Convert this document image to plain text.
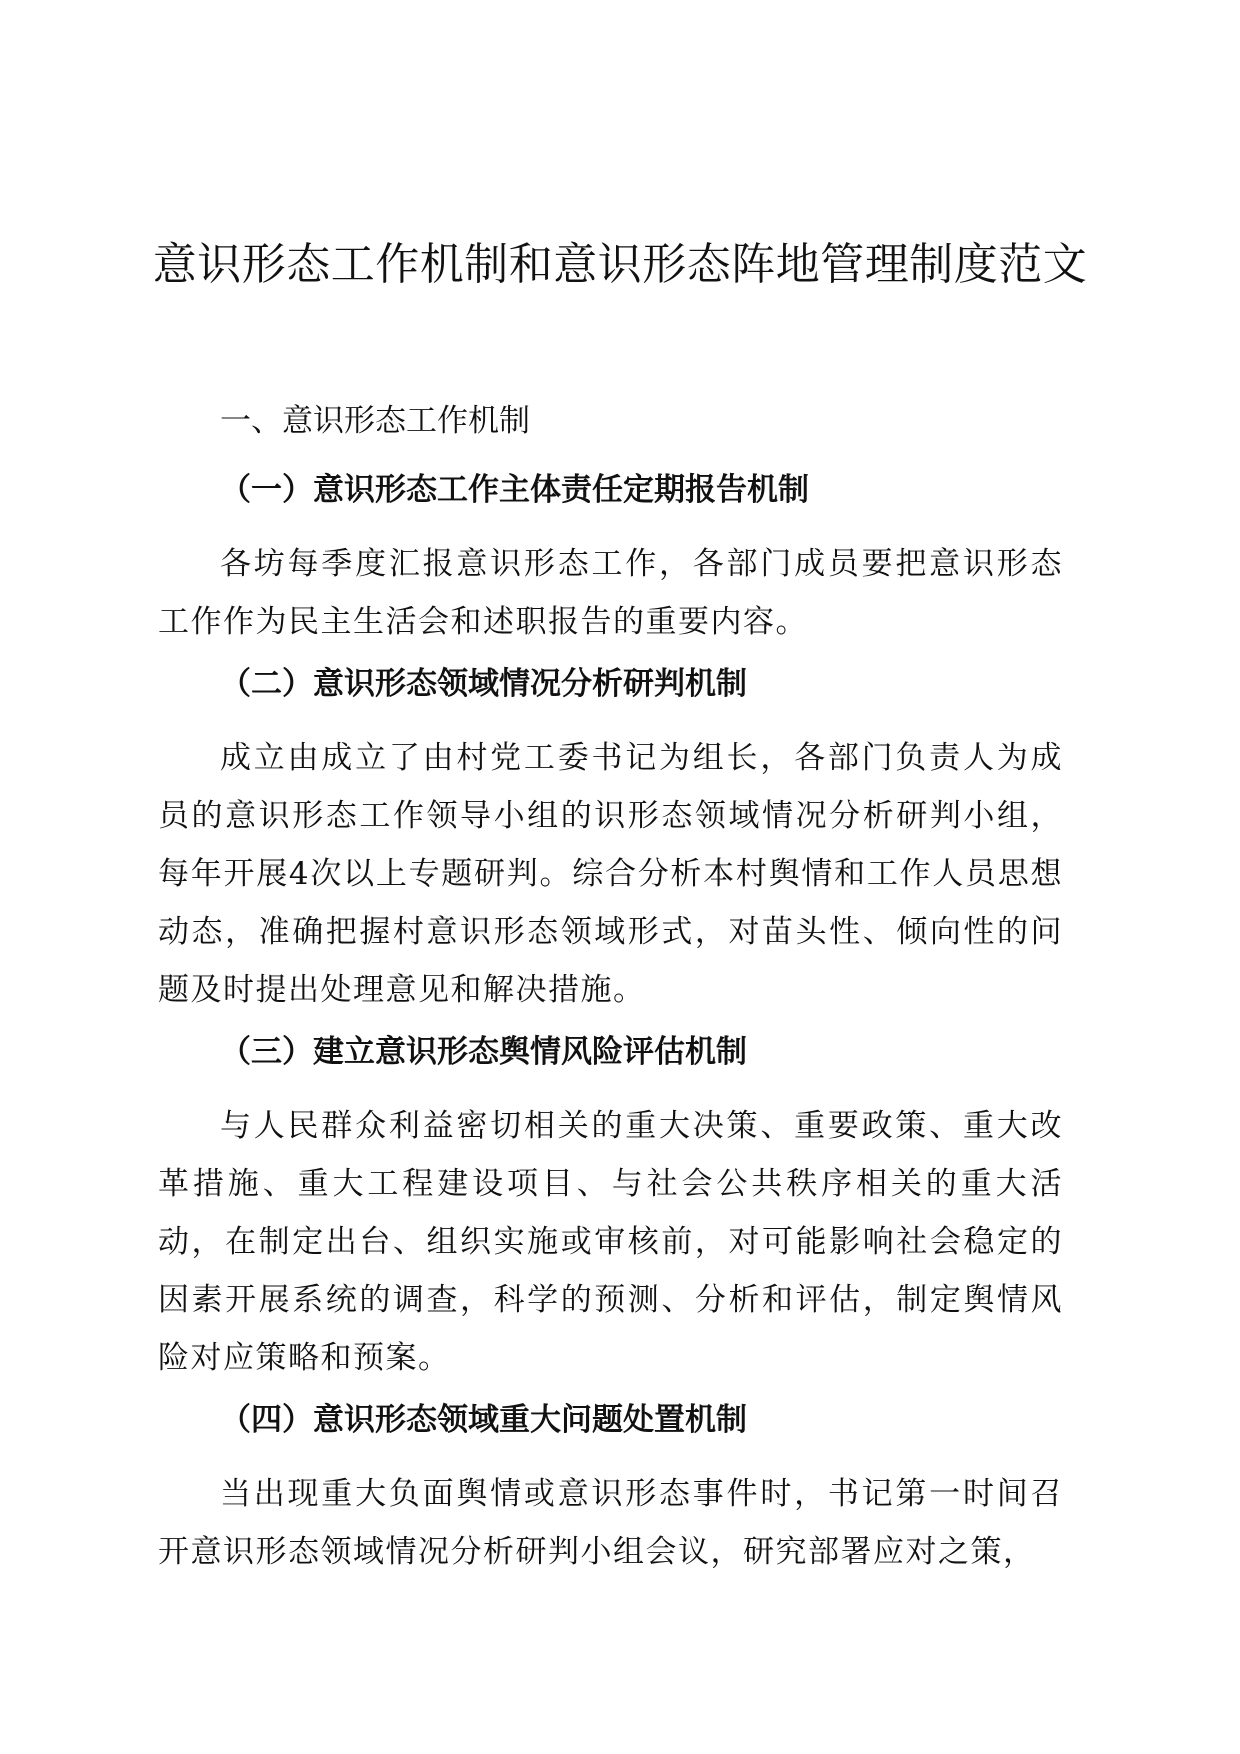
意识形态工作机制和意识形态阵地管理制度范文
一、意识形态工作机制
（一）意识形态工作主体责任定期报告机制

各坊每季度汇报意识形态工作，各部门成员要把意识形态工作作为民主生活会和述职报告的重要内容。

（二）意识形态领域情况分析研判机制

成立由成立了由村党工委书记为组长，各部门负责人为成员的意识形态工作领导小组的识形态领域情况分析研判小组，每年开展4次以上专题研判。综合分析本村舆情和工作人员思想动态，准确把握村意识形态领域形式，对苗头性、倾向性的问题及时提出处理意见和解决措施。

（三）建立意识形态舆情风险评估机制

与人民群众利益密切相关的重大决策、重要政策、重大改革措施、重大工程建设项目、与社会公共秩序相关的重大活动，在制定出台、组织实施或审核前，对可能影响社会稳定的因素开展系统的调查，科学的预测、分析和评估，制定舆情风险对应策略和预案。

（四）意识形态领域重大问题处置机制

当出现重大负面舆情或意识形态事件时，书记第一时间召开意识形态领域情况分析研判小组会议，研究部署应对之策，
